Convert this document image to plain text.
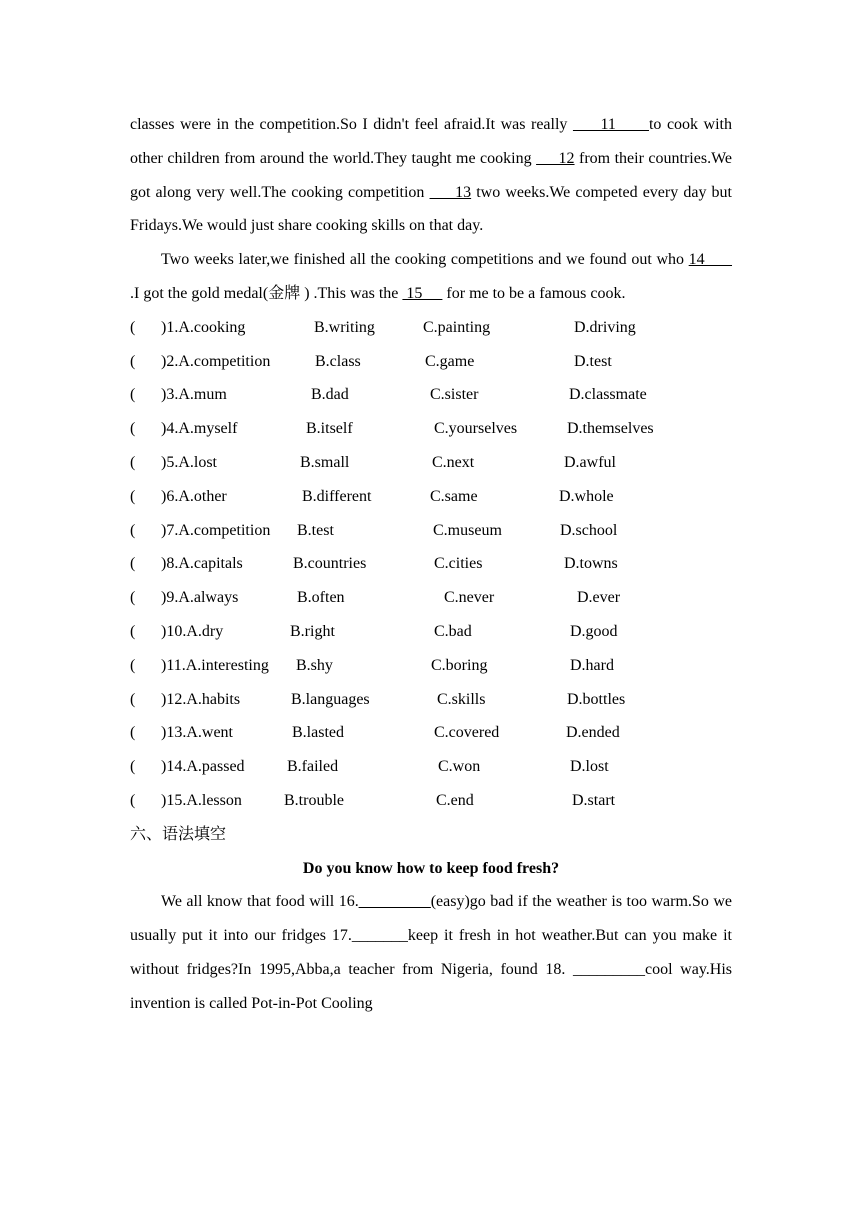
classes were in the competition.So I didn't feel afraid.It was really      11      to cook with other children from around the world.They taught me cooking      12 from their countries.We got along very well.The cooking competition      13 two weeks.We competed every day but Fridays.We would just share cooking skills on that day.

Two weeks later,we finished all the cooking competitions and we found out who 14       .I got the gold medal(金牌 ) .This was the  15      for me to be a famous cook.

( )1.A.cooking	B.writing	C.painting	D.driving
( )2.A.competition	B.class	C.game	D.test
( )3.A.mum	B.dad	C.sister	D.classmate
( )4.A.myself	B.itself	C.yourselves	D.themselves
( )5.A.lost	B.small	C.next	D.awful
( )6.A.other	B.different	C.same	D.whole
( )7.A.competition B.test	C.museum	D.school
( )8.A.capitals	B.countries	C.cities	D.towns
( )9.A.always	B.often	C.never	D.ever
( )10.A.dry	B.right	C.bad	D.good
( )11.A.interesting B.shy	C.boring	D.hard
( )12.A.habits	B.languages	C.skills	D.bottles
( )13.A.went	B.lasted	C.covered	D.ended
( )14.A.passed	B.failed	C.won	D.lost
( )15.A.lesson	B.trouble	C.end	D.start

六、语法填空

Do you know how to keep food fresh?

We all know that food will 16._________(easy)go bad if the weather is too warm.So we usually put it into our fridges 17._______keep it fresh in hot weather.But can you make it without fridges?In 1995,Abba,a teacher from Nigeria, found 18. _________cool way.His invention is called Pot-in-Pot Cooling
